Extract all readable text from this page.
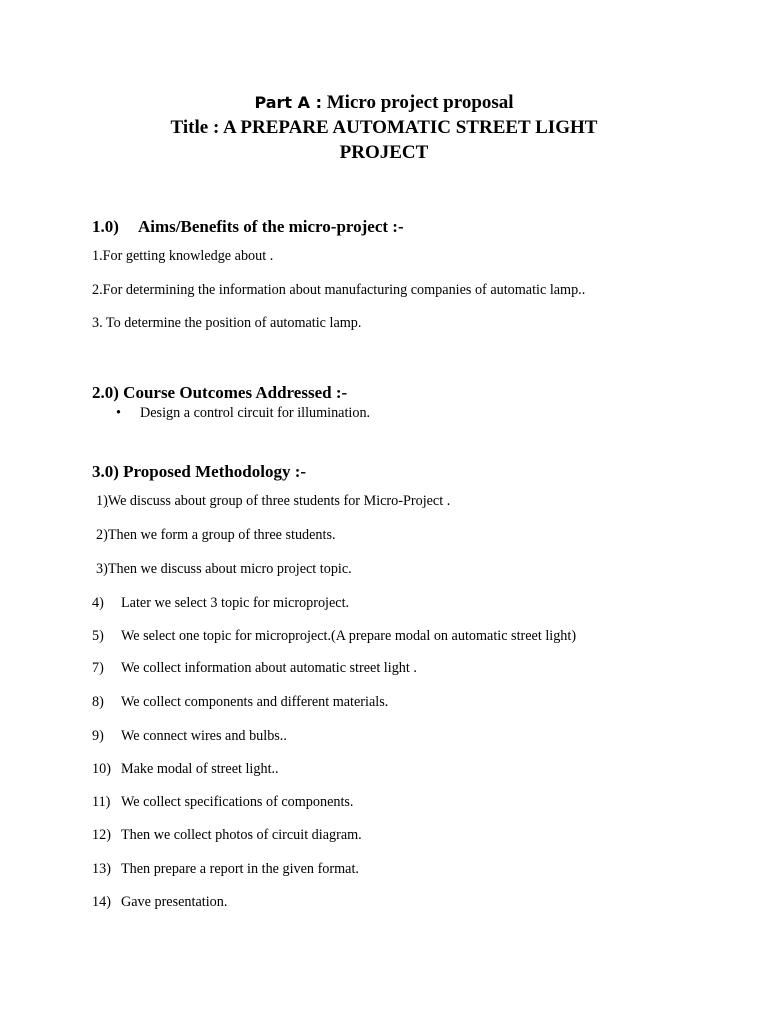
Part A : Micro project proposal
Title : A PREPARE AUTOMATIC STREET LIGHT
PROJECT
1.0) Aims/Benefits of the micro-project :-
1.For getting knowledge about .
2.For determining the information about manufacturing companies of automatic lamp..
3. To determine the position of automatic lamp.
2.0) Course Outcomes Addressed :-
• Design a control circuit for illumination.
3.0) Proposed Methodology :-
1)We discuss about group of three students for Micro-Project .
2)Then we form a group of three students.
3)Then we discuss about micro project topic.
4) Later we select 3 topic for microproject.
5) We select one topic for microproject.(A prepare modal on automatic street light)
7) We collect information about automatic street light .
8) We collect components and different materials.
9) We connect wires and bulbs..
10) Make modal of street light..
11) We collect specifications of components.
12) Then we collect photos of circuit diagram.
13) Then prepare a report in the given format.
14) Gave presentation.
